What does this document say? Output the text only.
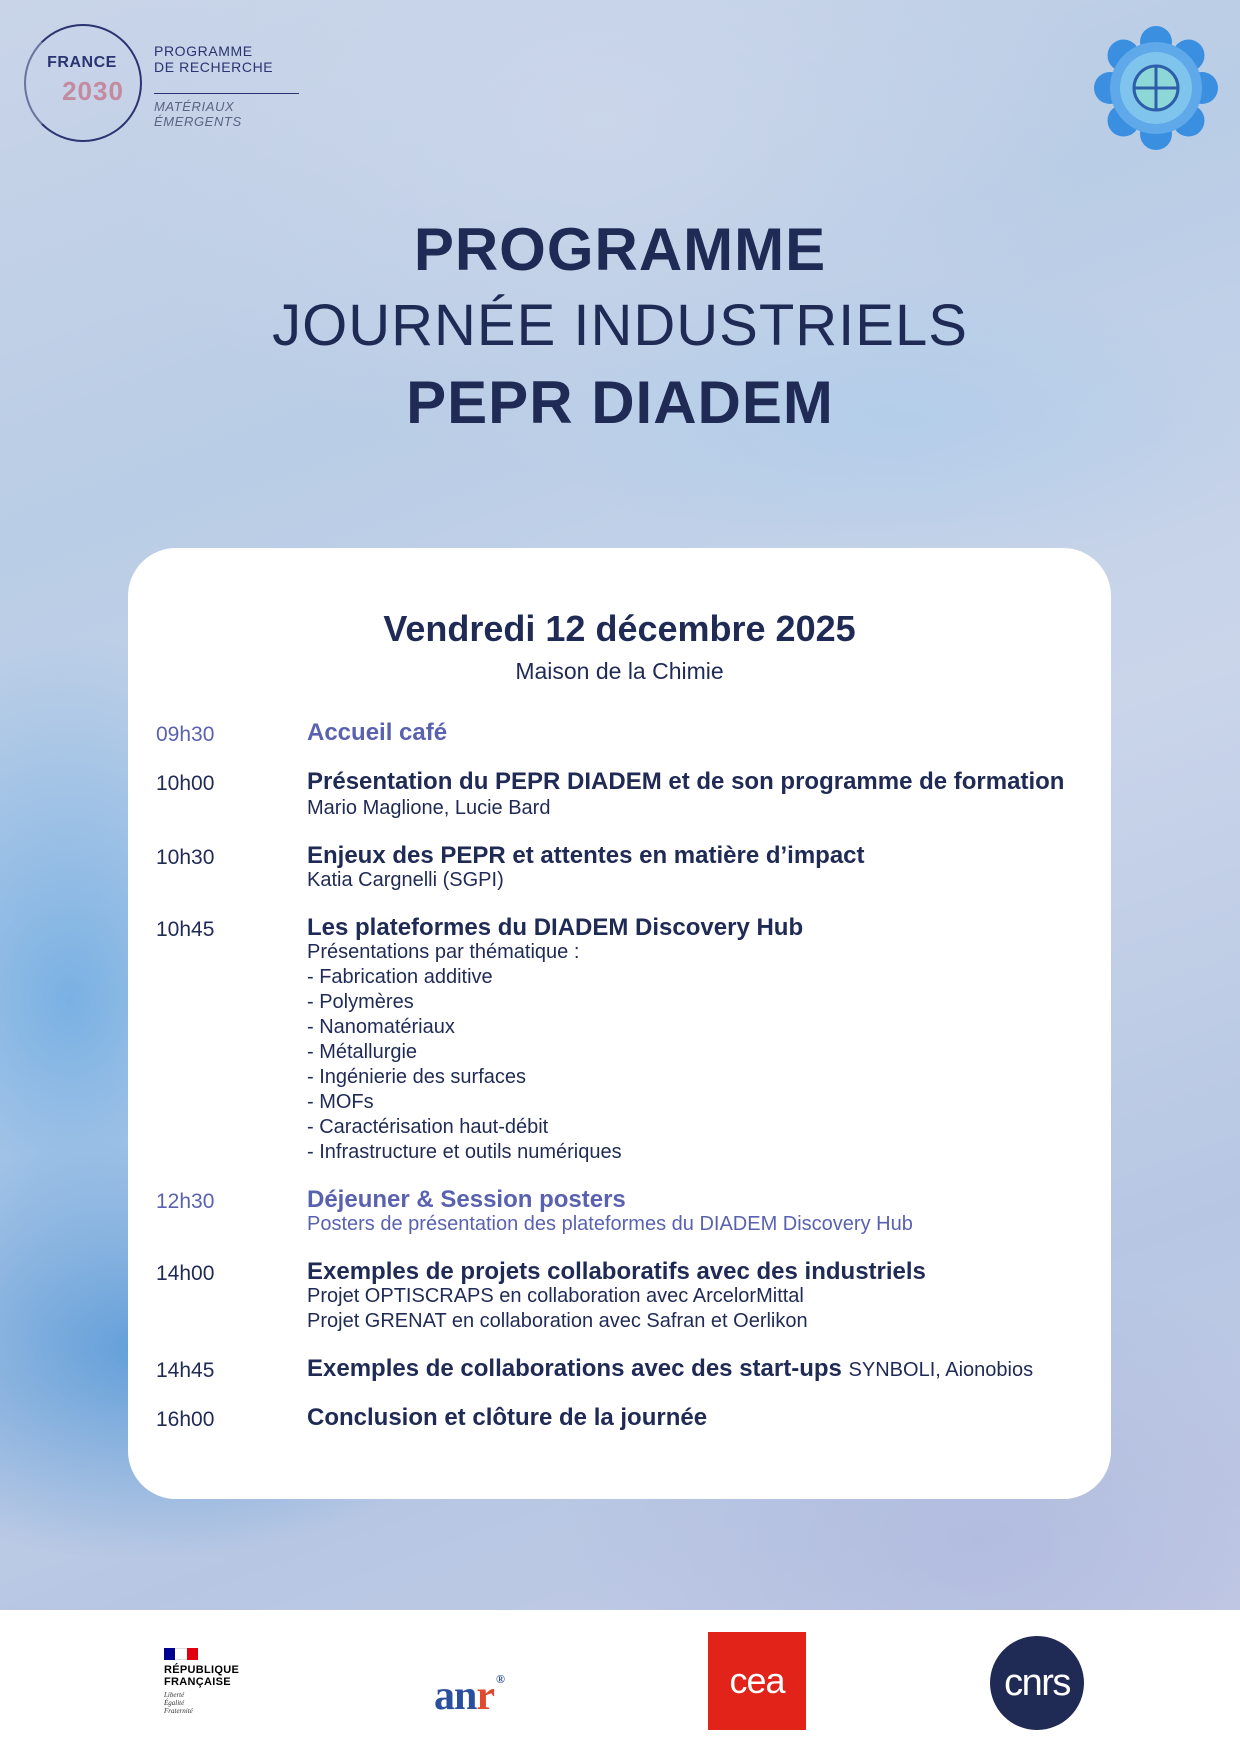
FRANCE
2030
PROGRAMME
DE RECHERCHE
MATÉRIAUX
ÉMERGENTS
PROGRAMME
JOURNÉE INDUSTRIELS
PEPR DIADEM
Vendredi 12 décembre 2025
Maison de la Chimie
09h30	Accueil café
10h00	Présentation du PEPR DIADEM et de son programme de formation Mario Maglione, Lucie Bard
10h30	Enjeux des PEPR et attentes en matière d’impact
Katia Cargnelli (SGPI)
10h45	Les plateformes du DIADEM Discovery Hub
Présentations par thématique :
- Fabrication additive
- Polymères
- Nanomatériaux
- Métallurgie
- Ingénierie des surfaces
- MOFs
- Caractérisation haut-débit
- Infrastructure et outils numériques
12h30	Déjeuner & Session posters
Posters de présentation des plateformes du DIADEM Discovery Hub
14h00	Exemples de projets collaboratifs avec des industriels
Projet OPTISCRAPS en collaboration avec ArcelorMittal
Projet GRENAT en collaboration avec Safran et Oerlikon
14h45	Exemples de collaborations avec des start-ups SYNBOLI, Aionobios
16h00	Conclusion et clôture de la journée
RÉPUBLIQUE
FRANÇAISE
Liberté
Égalité
Fraternité	anr ®	cea	cnrs
